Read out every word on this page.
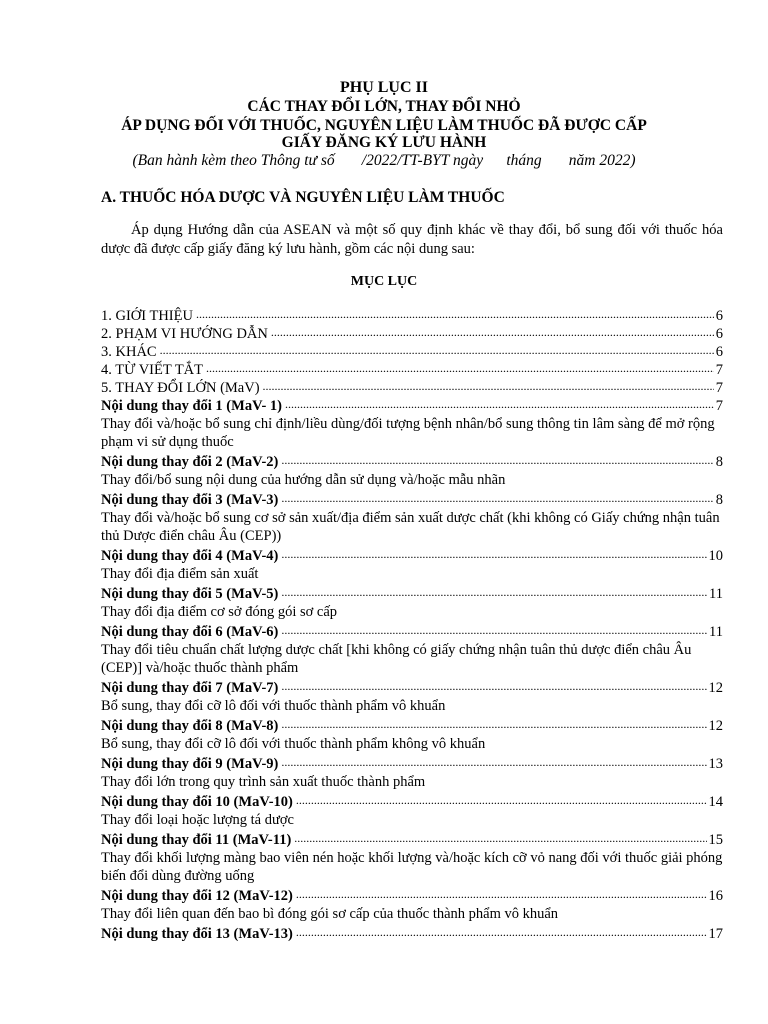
PHỤ LỤC II
CÁC THAY ĐỔI LỚN, THAY ĐỔI NHỎ
ÁP DỤNG ĐỐI VỚI THUỐC, NGUYÊN LIỆU LÀM THUỐC ĐÃ ĐƯỢC CẤP
GIẤY ĐĂNG KÝ LƯU HÀNH
(Ban hành kèm theo Thông tư số       /2022/TT-BYT ngày      tháng       năm 2022)
A. THUỐC HÓA DƯỢC VÀ NGUYÊN LIỆU LÀM THUỐC
Áp dụng Hướng dẫn của ASEAN và một số quy định khác về thay đổi, bổ sung đối với thuốc hóa dược đã được cấp giấy đăng ký lưu hành, gồm các nội dung sau:
MỤC LỤC
1. GIỚI THIỆU .....	6
2. PHẠM VI HƯỚNG DẪN .....	6
3. KHÁC .....	6
4. TỪ VIẾT TẮT .....	7
5. THAY ĐỔI LỚN (MaV) .....	7
Nội dung thay đổi 1 (MaV- 1) .....	7
Thay đổi và/hoặc bổ sung chỉ định/liều dùng/đối tượng bệnh nhân/bổ sung thông tin lâm sàng để mở rộng phạm vi sử dụng thuốc
Nội dung thay đổi 2 (MaV-2) .....	8
Thay đổi/bổ sung nội dung của hướng dẫn sử dụng và/hoặc mẫu nhãn
Nội dung thay đổi 3 (MaV-3) .....	8
Thay đổi và/hoặc bổ sung cơ sở sản xuất/địa điểm sản xuất dược chất (khi không có Giấy chứng nhận tuân thủ Dược điển châu Âu (CEP))
Nội dung thay đổi 4 (MaV-4) .....	10
Thay đổi địa điểm sản xuất
Nội dung thay đổi 5 (MaV-5) .....	11
Thay đổi địa điểm cơ sở đóng gói sơ cấp
Nội dung thay đổi 6 (MaV-6) .....	11
Thay đổi tiêu chuẩn chất lượng dược chất [khi không có giấy chứng nhận tuân thủ dược điển châu Âu (CEP)] và/hoặc thuốc thành phẩm
Nội dung thay đổi 7 (MaV-7) .....	12
Bổ sung, thay đổi cỡ lô đối với thuốc thành phẩm vô khuẩn
Nội dung thay đổi 8 (MaV-8) .....	12
Bổ sung, thay đổi cỡ lô đối với thuốc thành phẩm không vô khuẩn
Nội dung thay đổi 9 (MaV-9) .....	13
Thay đổi lớn trong quy trình sản xuất thuốc thành phẩm
Nội dung thay đổi 10 (MaV-10) .....	14
Thay đổi loại hoặc lượng tá dược
Nội dung thay đổi 11 (MaV-11) .....	15
Thay đổi khối lượng màng bao viên nén hoặc khối lượng và/hoặc kích cỡ vỏ nang đối với thuốc giải phóng biến đổi dùng đường uống
Nội dung thay đổi 12 (MaV-12) .....	16
Thay đổi liên quan đến bao bì đóng gói sơ cấp của thuốc thành phẩm vô khuẩn
Nội dung thay đổi 13 (MaV-13) .....	17
